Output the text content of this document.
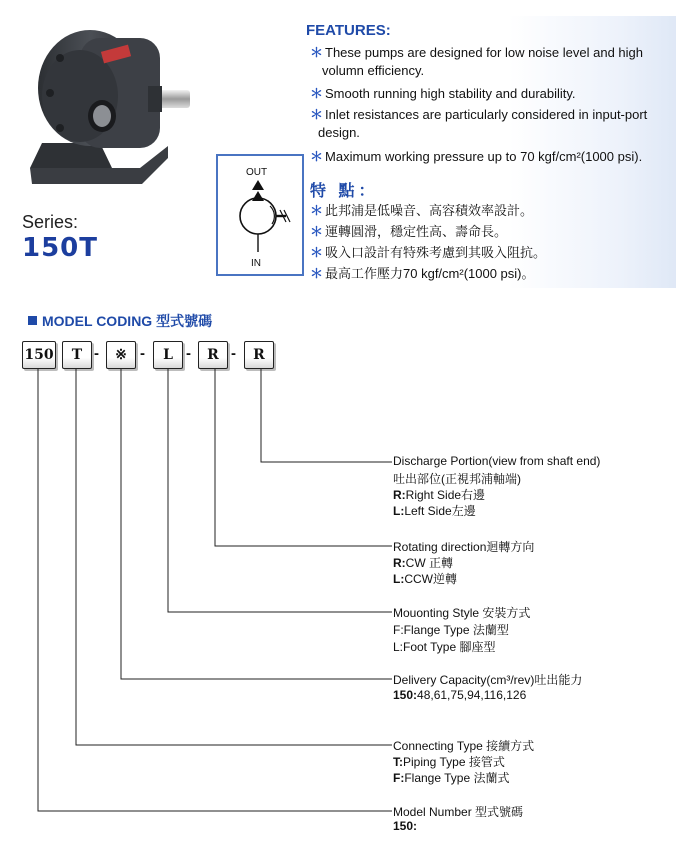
Series:
150T
OUT
IN
FEATURES:
＊ These pumps are designed for low noise level and high
volumn efficiency.
＊ Smooth running high stability and durability.
＊ Inlet resistances are particularly considered in input-port
design.
＊ Maximum working pressure up to 70 kgf/cm²(1000 psi).
特 點：
＊ 此邦浦是低噪音、高容積效率設計。
＊ 運轉圓滑，穩定性高、壽命長。
＊ 吸入口設計有特殊考慮到其吸入阻抗。
＊ 最高工作壓力70 kgf/cm²(1000 psi)。
MODEL CODING 型式號碼
150	T -	※ -	L -	R -	R
Discharge Portion(view from shaft end)
吐出部位(正視邦浦軸端)
R:Right Side右邊
L:Left Side左邊
Rotating direction迴轉方向
R:CW 正轉
L:CCW逆轉
Mouonting Style 安裝方式
F:Flange Type 法蘭型
L:Foot Type 腳座型
Delivery Capacity(cm³/rev)吐出能力
150:48,61,75,94,116,126
Connecting Type 接續方式
T:Piping Type 接管式
F:Flange Type 法蘭式
Model Number 型式號碼
150:
